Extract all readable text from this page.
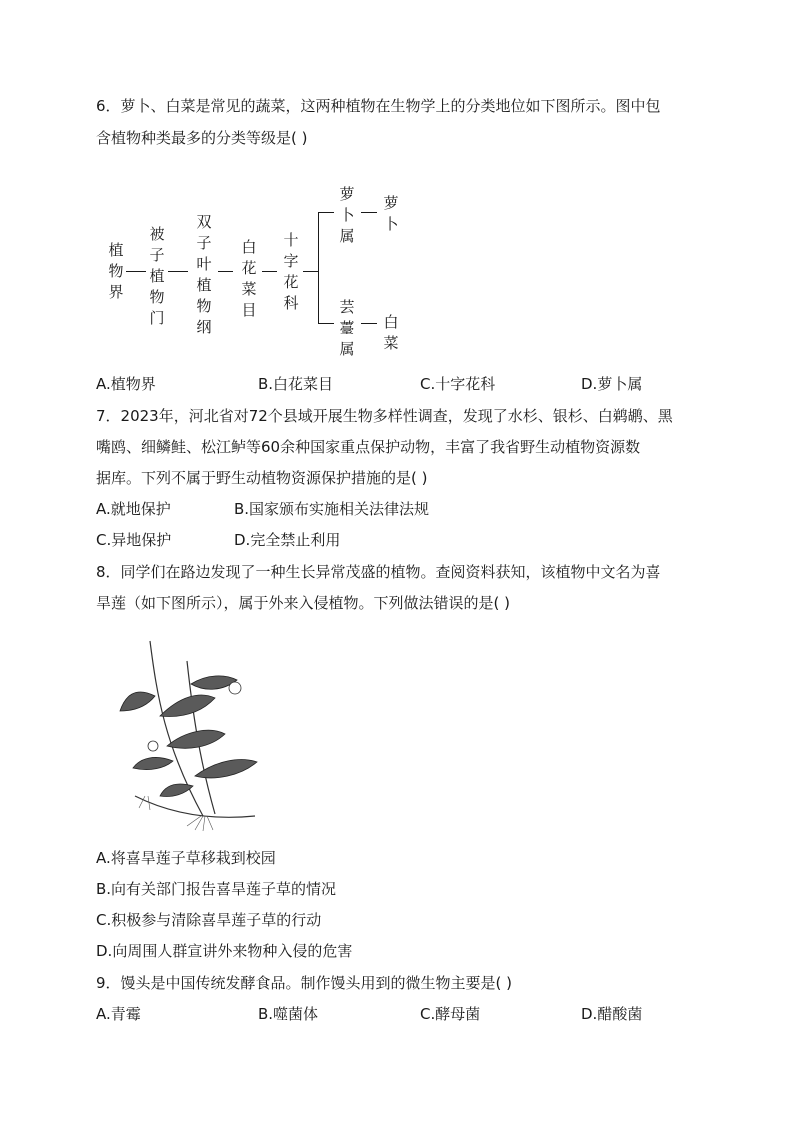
6．萝卜、白菜是常见的蔬菜，这两种植物在生物学上的分类地位如下图所示。图中包
含植物种类最多的分类等级是( )
植物界
被子植物门
双子叶植物纲
白花菜目
十字花科
萝卜属
萝卜
芸薹属
白菜
A.植物界	B.白花菜目	C.十字花科	D.萝卜属
7．2023年，河北省对72个县域开展生物多样性调查，发现了水杉、银杉、白鹈鹕、黑
嘴鸥、细鳞鲑、松江鲈等60余种国家重点保护动物，丰富了我省野生动植物资源数
据库。下列不属于野生动植物资源保护措施的是( )
A.就地保护	B.国家颁布实施相关法律法规
C.异地保护	D.完全禁止利用
8．同学们在路边发现了一种生长异常茂盛的植物。查阅资料获知，该植物中文名为喜
旱莲（如下图所示），属于外来入侵植物。下列做法错误的是( )
A.将喜旱莲子草移栽到校园
B.向有关部门报告喜旱莲子草的情况
C.积极参与清除喜旱莲子草的行动
D.向周围人群宣讲外来物种入侵的危害
9．馒头是中国传统发酵食品。制作馒头用到的微生物主要是( )
A.青霉	B.噬菌体	C.酵母菌	D.醋酸菌
